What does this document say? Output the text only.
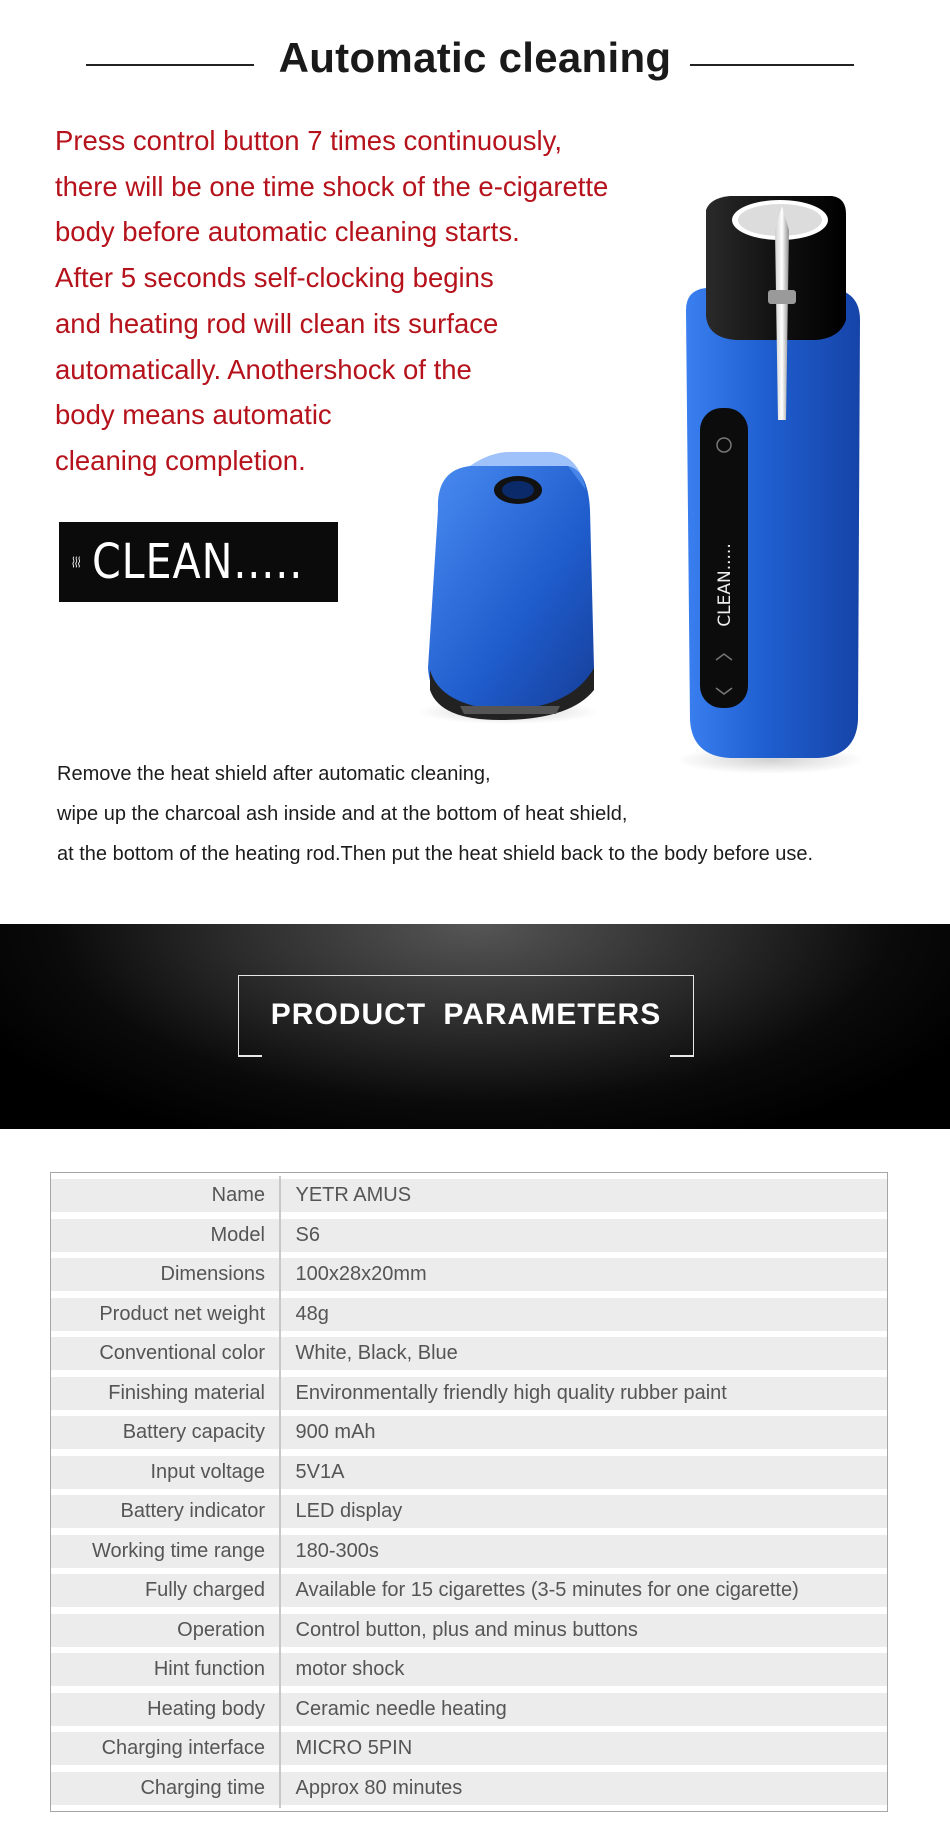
Automatic cleaning
Press control button 7 times continuously,
there will be one time shock of the e-cigarette
body before automatic cleaning starts.
After 5 seconds self-clocking begins
and heating rod will clean its surface
automatically. Anothershock of the
body means automatic
cleaning completion.
CLEAN.....	CLEAN.....
Remove the heat shield after automatic cleaning,
wipe up the charcoal ash inside and at the bottom of heat shield,
at the bottom of the heating rod.Then put the heat shield back to the body before use.
PRODUCT PARAMETERS
Name	YETR AMUS
Model	S6
Dimensions	100x28x20mm
Product net weight	48g
Conventional color	White, Black, Blue
Finishing material	Environmentally friendly high quality rubber paint
Battery capacity	900 mAh
Input voltage	5V1A
Battery indicator	LED display
Working time range	180-300s
Fully charged	Available for 15 cigarettes (3-5 minutes for one cigarette)
Operation	Control button, plus and minus buttons
Hint function	motor shock
Heating body	Ceramic needle heating
Charging interface	MICRO 5PIN
Charging time	Approx 80 minutes
